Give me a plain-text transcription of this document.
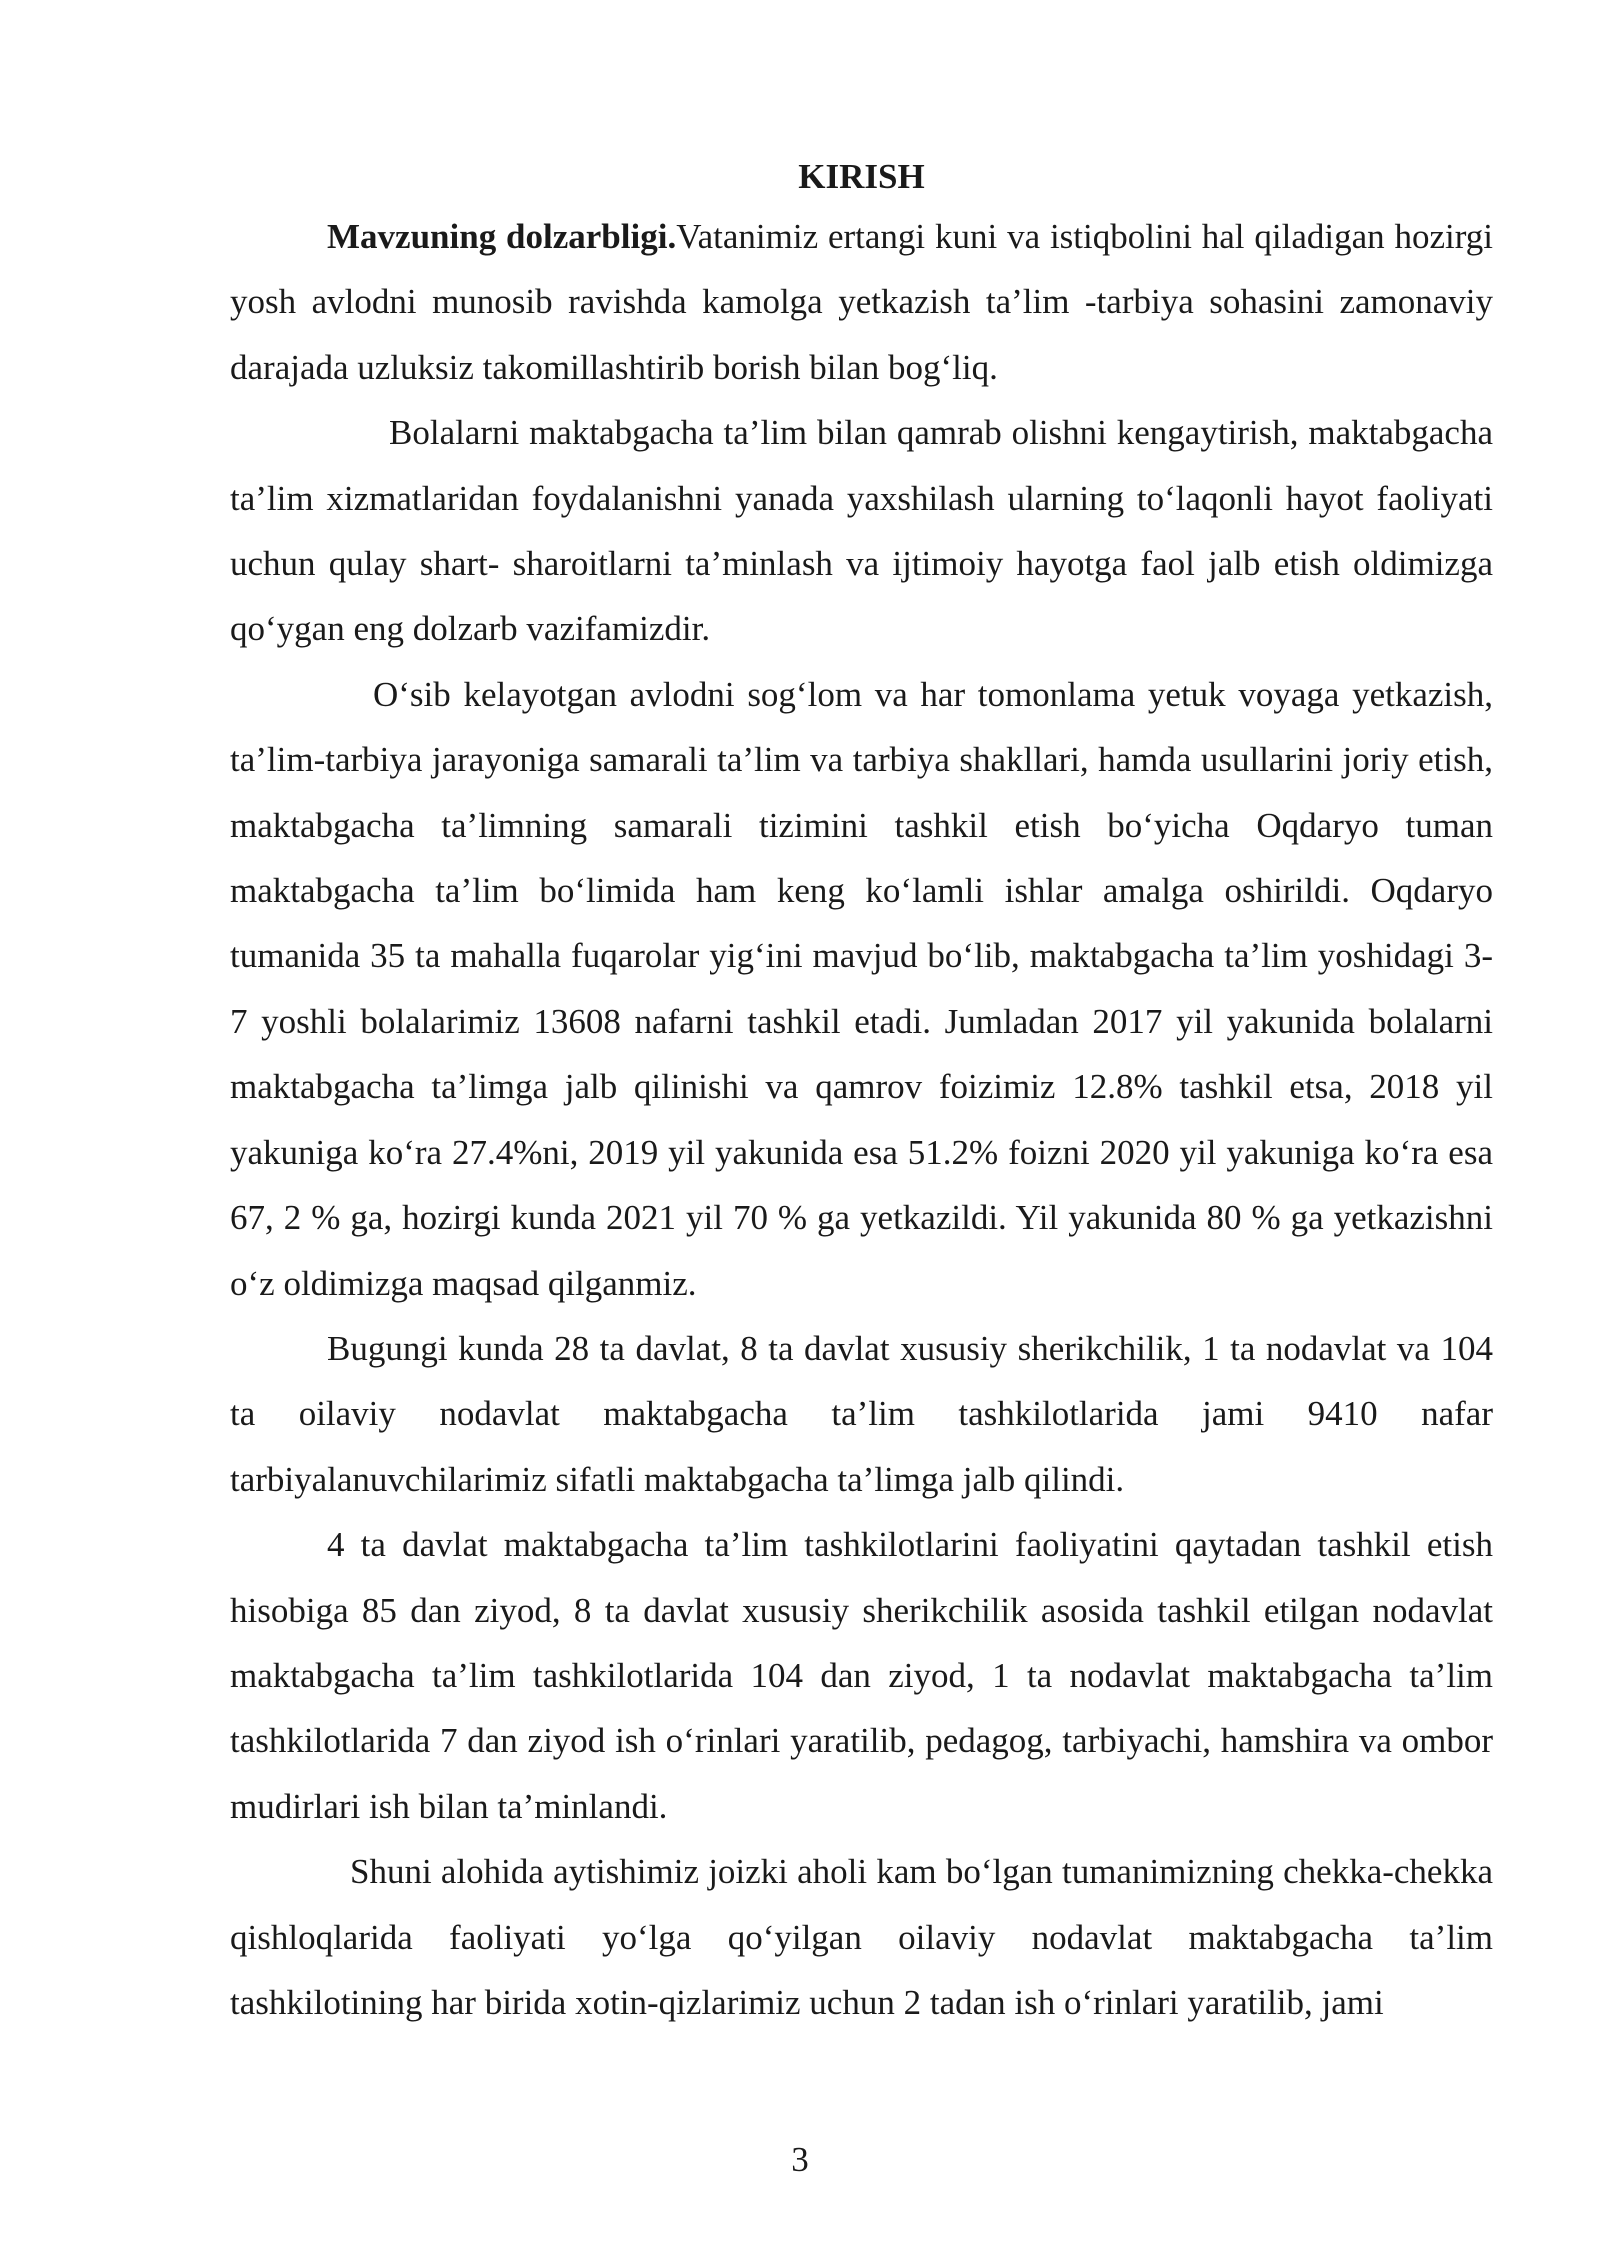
KIRISH

Mavzuning dolzarbligi.Vatanimiz ertangi kuni va istiqbolini hal qiladigan hozirgi yosh avlodni munosib ravishda kamolga yetkazish ta’lim -tarbiya sohasini zamonaviy darajada uzluksiz takomillashtirib borish bilan bog‘liq.

Bolalarni maktabgacha ta’lim bilan qamrab olishni kengaytirish, maktabgacha ta’lim xizmatlaridan foydalanishni yanada yaxshilash ularning to‘laqonli hayot faoliyati uchun qulay shart- sharoitlarni ta’minlash va ijtimoiy hayotga faol jalb etish oldimizga qo‘ygan eng dolzarb vazifamizdir.

O‘sib kelayotgan avlodni sog‘lom va har tomonlama yetuk voyaga yetkazish, ta’lim-tarbiya jarayoniga samarali ta’lim va tarbiya shakllari, hamda usullarini joriy etish, maktabgacha ta’limning samarali tizimini tashkil etish bo‘yicha Oqdaryo tuman maktabgacha ta’lim bo‘limida ham keng ko‘lamli ishlar amalga oshirildi. Oqdaryo tumanida 35 ta mahalla fuqarolar yig‘ini mavjud bo‘lib, maktabgacha ta’lim yoshidagi 3-7 yoshli bolalarimiz 13608 nafarni tashkil etadi. Jumladan 2017 yil yakunida bolalarni maktabgacha ta’limga jalb qilinishi va qamrov foizimiz 12.8% tashkil etsa, 2018 yil yakuniga ko‘ra 27.4%ni, 2019 yil yakunida esa 51.2% foizni 2020 yil yakuniga ko‘ra esa 67, 2 % ga, hozirgi kunda 2021 yil 70 % ga yetkazildi. Yil yakunida 80 % ga yetkazishni o‘z oldimizga maqsad qilganmiz.

Bugungi kunda 28 ta davlat, 8 ta davlat xususiy sherikchilik, 1 ta nodavlat va 104 ta oilaviy nodavlat maktabgacha ta’lim tashkilotlarida jami 9410 nafar tarbiyalanuvchilarimiz sifatli maktabgacha ta’limga jalb qilindi.

4 ta davlat maktabgacha ta’lim tashkilotlarini faoliyatini qaytadan tashkil etish hisobiga 85 dan ziyod, 8 ta davlat xususiy sherikchilik asosida tashkil etilgan nodavlat maktabgacha ta’lim tashkilotlarida 104 dan ziyod, 1 ta nodavlat maktabgacha ta’lim tashkilotlarida 7 dan ziyod ish o‘rinlari yaratilib, pedagog, tarbiyachi, hamshira va ombor mudirlari ish bilan ta’minlandi.

Shuni alohida aytishimiz joizki aholi kam bo‘lgan tumanimizning chekka-chekka qishloqlarida faoliyati yo‘lga qo‘yilgan oilaviy nodavlat maktabgacha ta’lim tashkilotining har birida xotin-qizlarimiz uchun 2 tadan ish o‘rinlari yaratilib, jami

3
